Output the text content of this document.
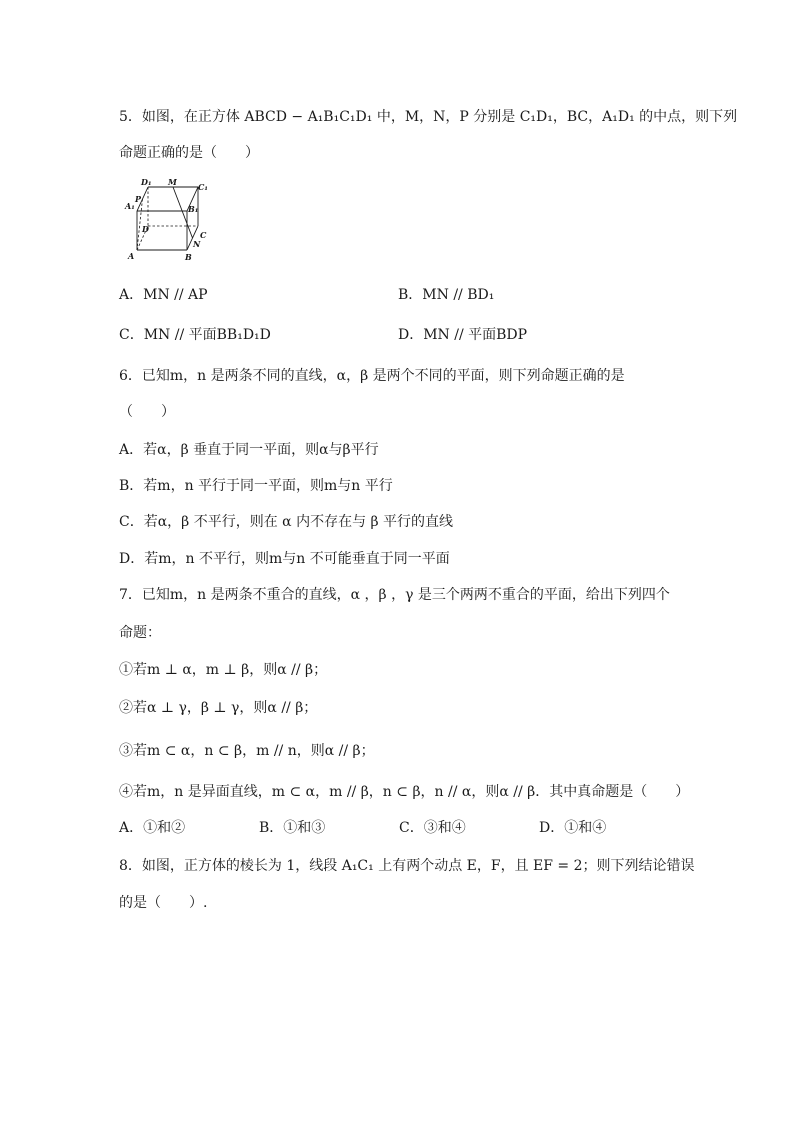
5．如图，在正方体 ABCD − A₁B₁C₁D₁ 中，M，N，P 分别是 C₁D₁，BC，A₁D₁ 的中点，则下列
命题正确的是（　　）
D₁ M	C₁
A₁
P
B₁
D
C
N
A	B
A．MN // AP	B．MN // BD₁
C．MN // 平面BB₁D₁D	D．MN // 平面BDP
6．已知m，n 是两条不同的直线，α，β 是两个不同的平面，则下列命题正确的是
（　　）
A．若α，β 垂直于同一平面，则α与β平行
B．若m，n 平行于同一平面，则m与n 平行
C．若α，β 不平行，则在 α 内不存在与 β 平行的直线
D．若m，n 不平行，则m与n 不可能垂直于同一平面
7．已知m，n 是两条不重合的直线，α ，β ，γ 是三个两两不重合的平面，给出下列四个
命题：
①若m ⊥ α，m ⊥ β，则α // β；
②若α ⊥ γ，β ⊥ γ，则α // β；
③若m ⊂ α，n ⊂ β，m // n，则α // β；
④若m，n 是异面直线，m ⊂ α，m // β，n ⊂ β，n // α，则α // β．其中真命题是（　　）
A．①和②	B．①和③	C．③和④	D．①和④
8．如图，正方体的棱长为 1，线段 A₁C₁ 上有两个动点 E，F，且 EF = 2；则下列结论错误
的是（　　）.
